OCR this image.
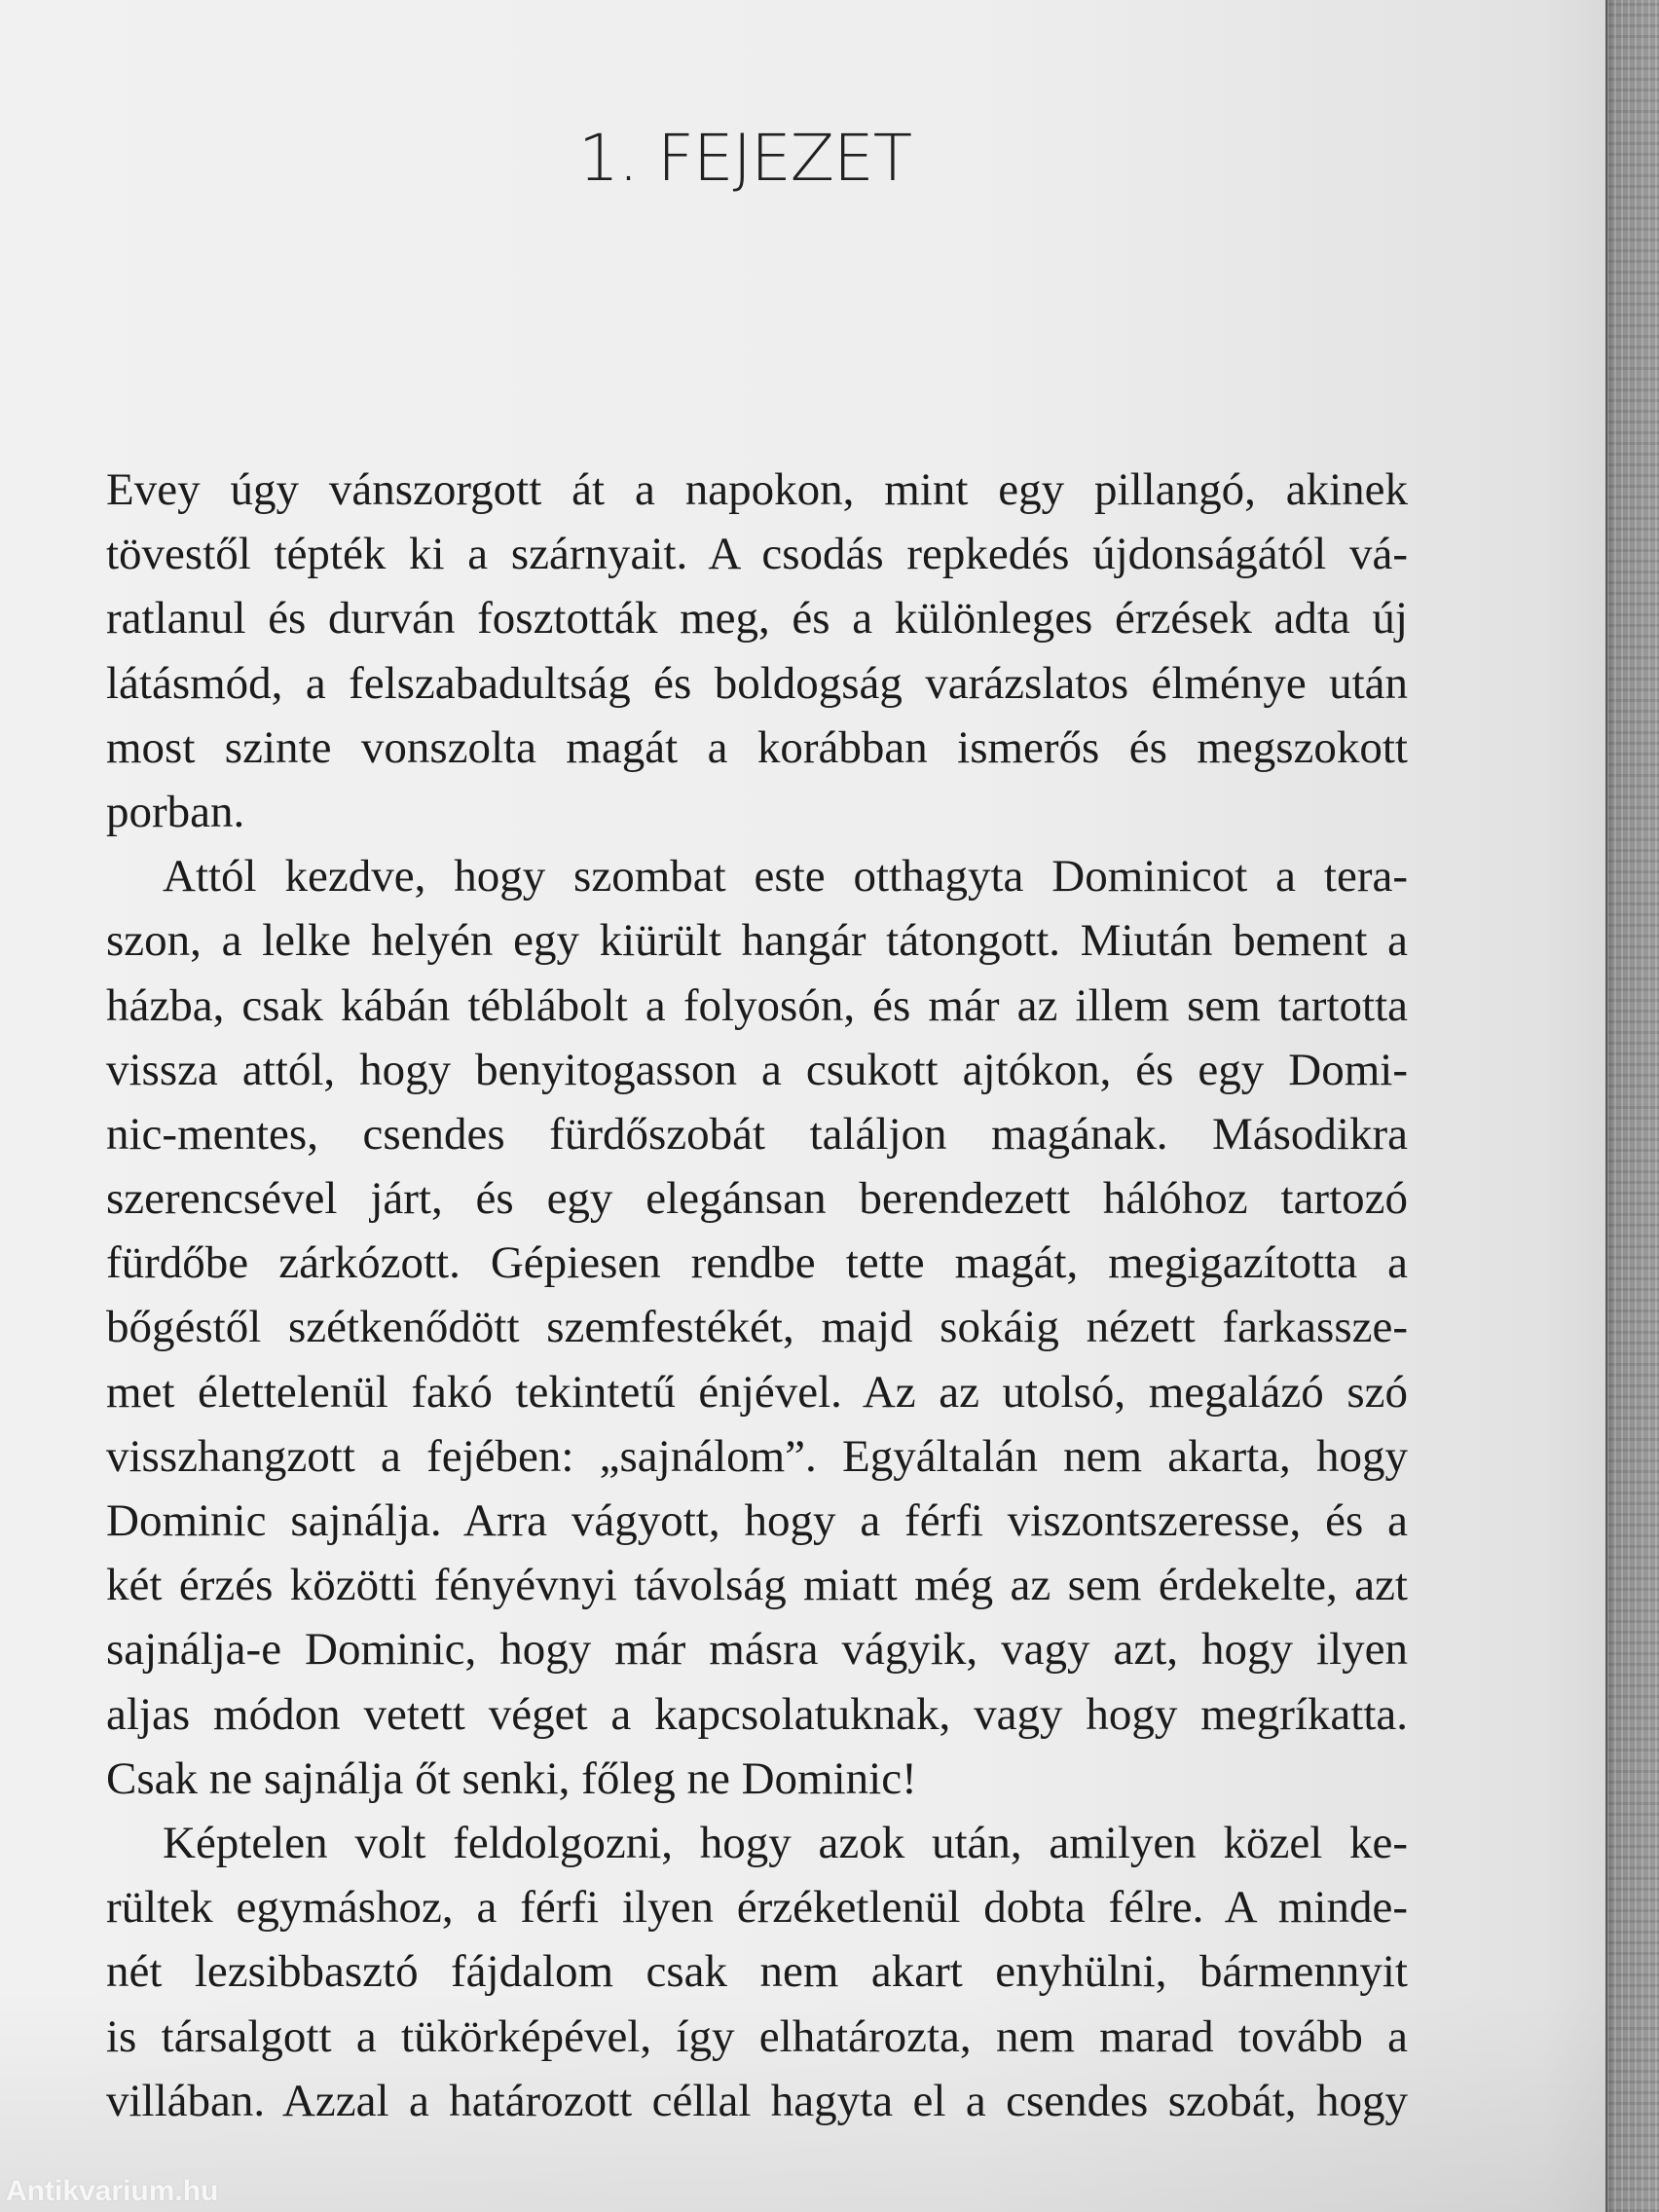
1. FEJEZET

Evey úgy vánszorgott át a napokon, mint egy pillangó, akinek
tövestől tépték ki a szárnyait. A csodás repkedés újdonságától vá-
ratlanul és durván fosztották meg, és a különleges érzések adta új
látásmód, a felszabadultság és boldogság varázslatos élménye után
most szinte vonszolta magát a korábban ismerős és megszokott
porban.

Attól kezdve, hogy szombat este otthagyta Dominicot a tera-
szon, a lelke helyén egy kiürült hangár tátongott. Miután bement a
házba, csak kábán téblábolt a folyosón, és már az illem sem tartotta
vissza attól, hogy benyitogasson a csukott ajtókon, és egy Domi-
nic-mentes, csendes fürdőszobát találjon magának. Másodikra
szerencsével járt, és egy elegánsan berendezett hálóhoz tartozó
fürdőbe zárkózott. Gépiesen rendbe tette magát, megigazította a
bőgéstől szétkenődött szemfestékét, majd sokáig nézett farkassze-
met élettelenül fakó tekintetű énjével. Az az utolsó, megalázó szó
visszhangzott a fejében: „sajnálom”. Egyáltalán nem akarta, hogy
Dominic sajnálja. Arra vágyott, hogy a férfi viszontszeresse, és a
két érzés közötti fényévnyi távolság miatt még az sem érdekelte, azt
sajnálja-e Dominic, hogy már másra vágyik, vagy azt, hogy ilyen
aljas módon vetett véget a kapcsolatuknak, vagy hogy megríkatta.
Csak ne sajnálja őt senki, főleg ne Dominic!

Képtelen volt feldolgozni, hogy azok után, amilyen közel ke-
rültek egymáshoz, a férfi ilyen érzéketlenül dobta félre. A minde-
nét lezsibbasztó fájdalom csak nem akart enyhülni, bármennyit
is társalgott a tükörképével, így elhatározta, nem marad tovább a
villában. Azzal a határozott céllal hagyta el a csendes szobát, hogy

Antikvarium.hu
